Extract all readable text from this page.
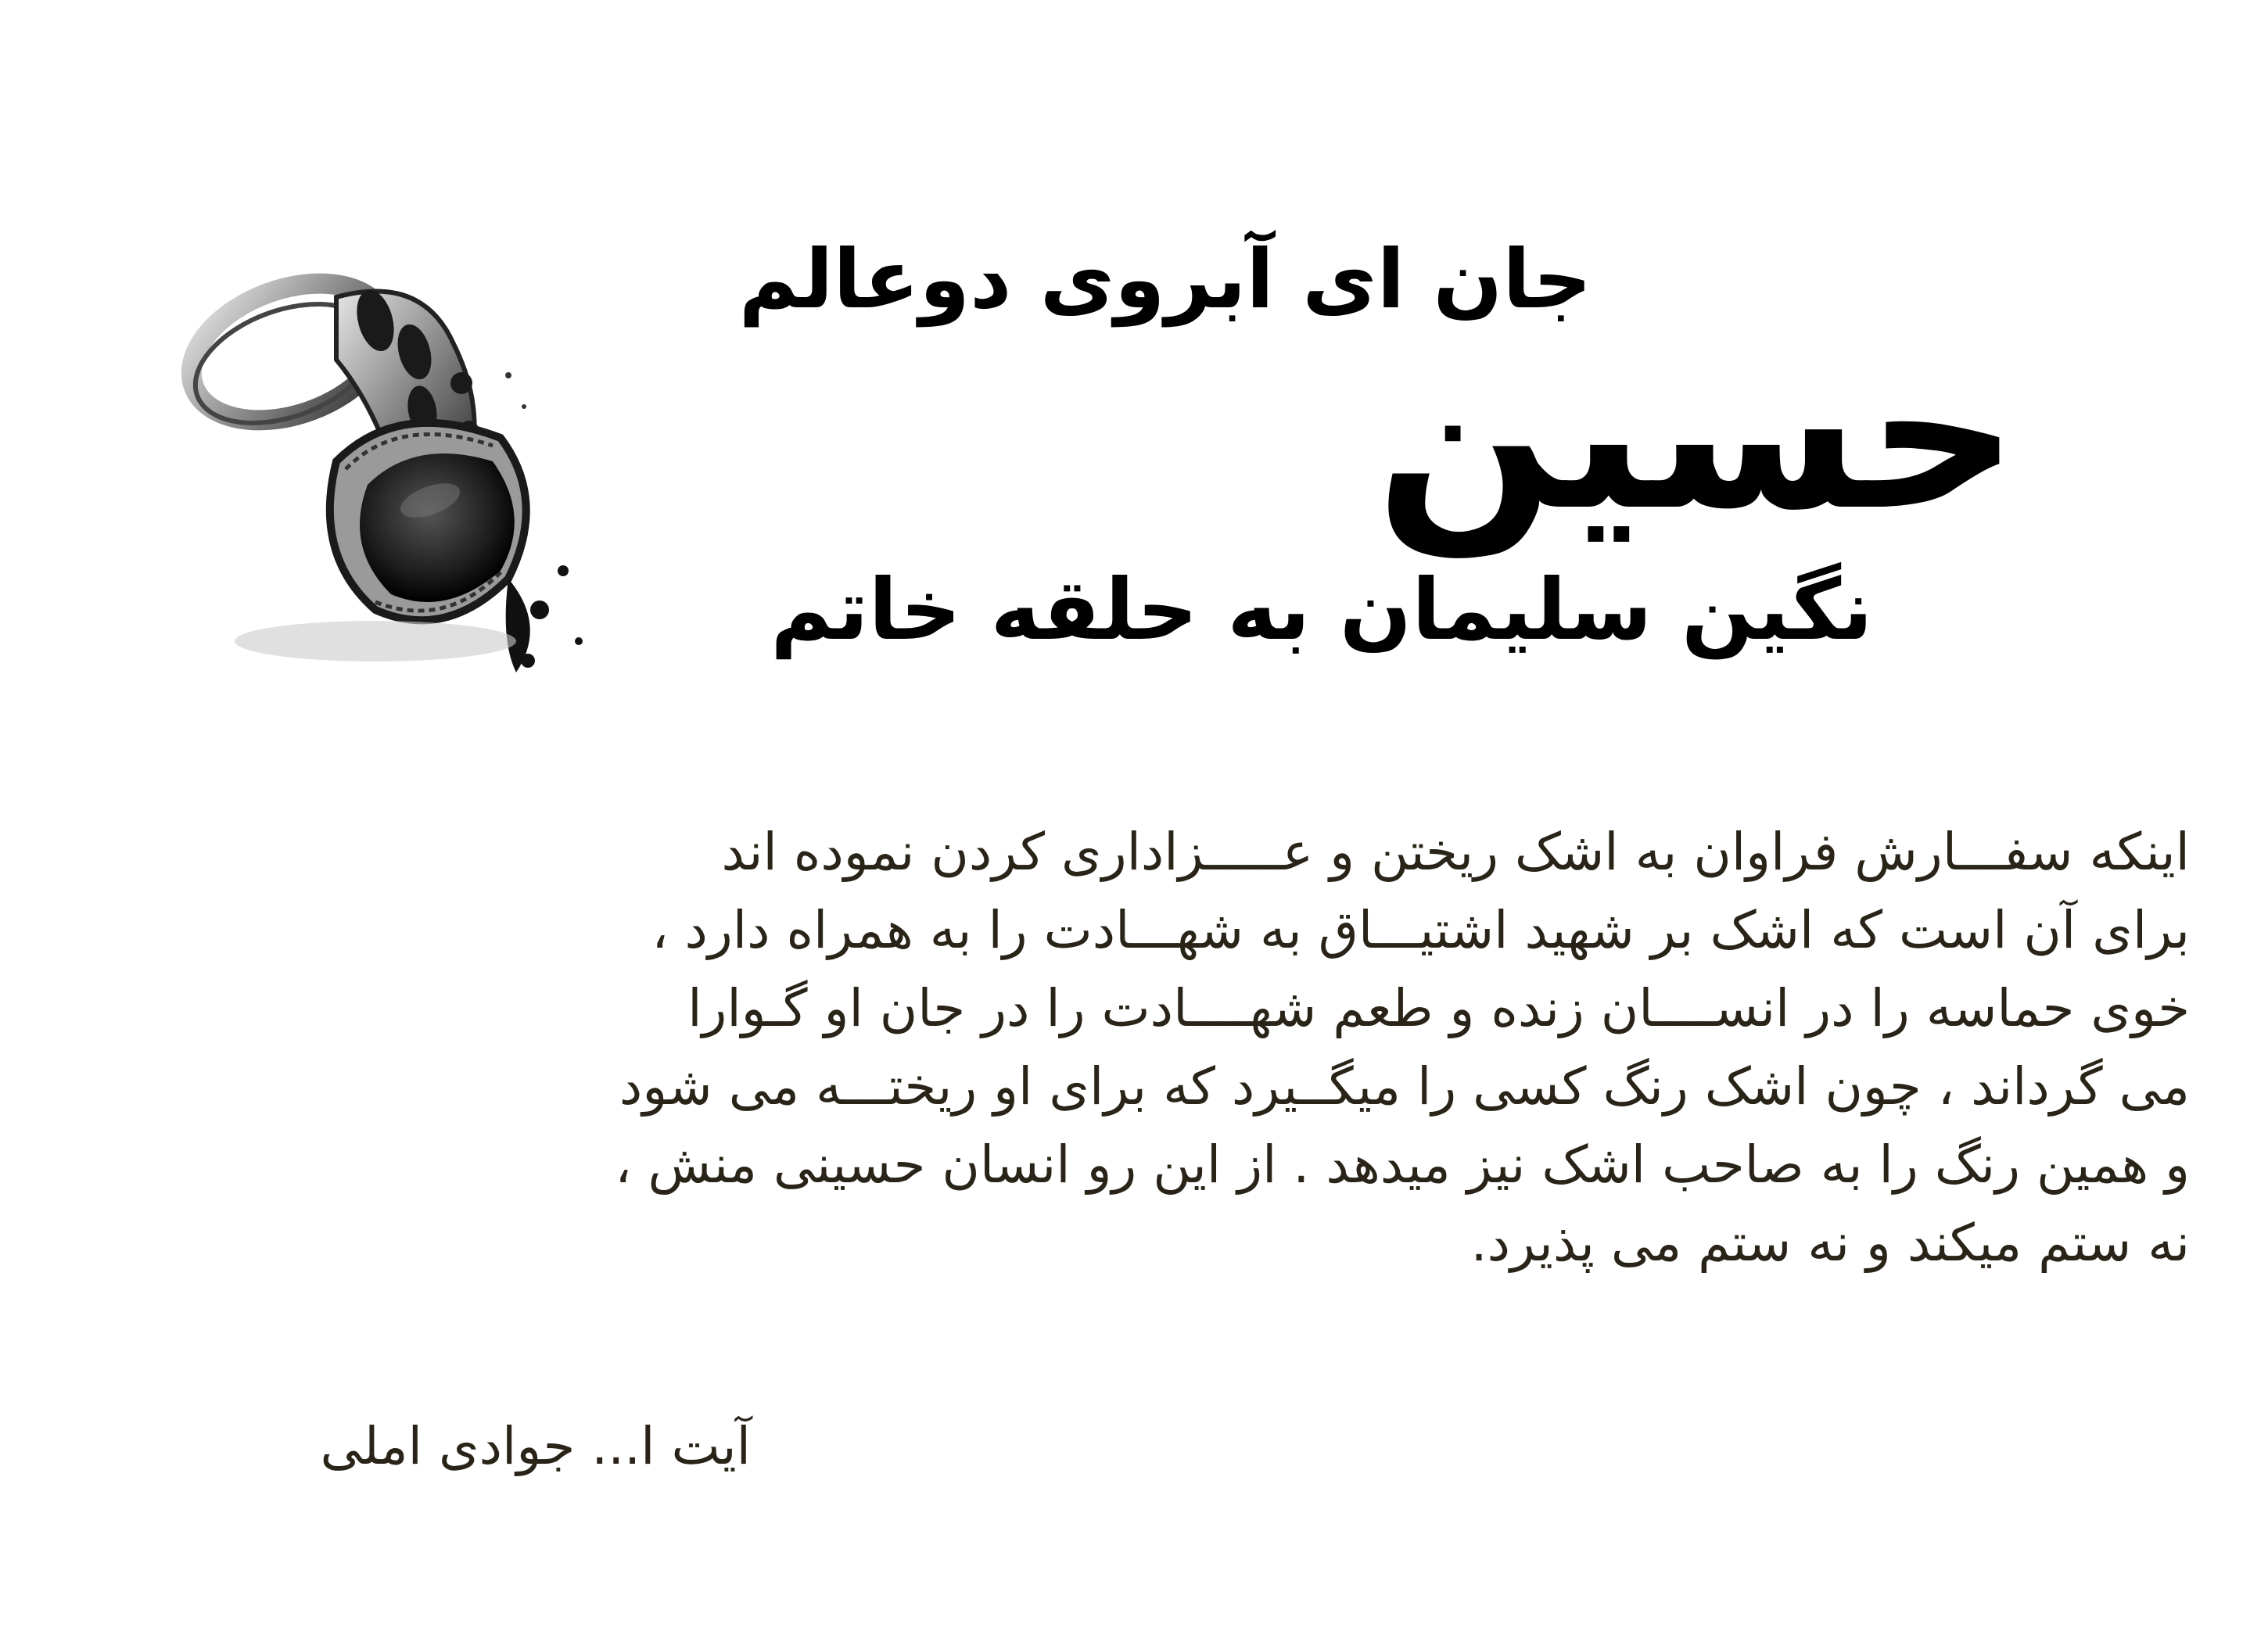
جان ای آبروی دوعالم
حسین
نگین سلیمان به حلقه خاتم
اینکه سفـــارش فراوان به اشک ریختن و عـــــزاداری کردن نموده اند
برای آن است که اشک بر شهید اشتیـــاق به شهـــادت را به همراه دارد ،
خوی حماسه را در انســــان زنده و طعم شهــــادت را در جان او گـوارا
می گرداند ، چون اشک رنگ کسی را میگــیرد که برای او ریختـــه می شود
و همین رنگ را به صاحب اشک نیز میدهد . از این رو انسان حسینی منش ،
نه ستم میکند و نه ستم می پذیرد.
آیت ا... جوادی املی
